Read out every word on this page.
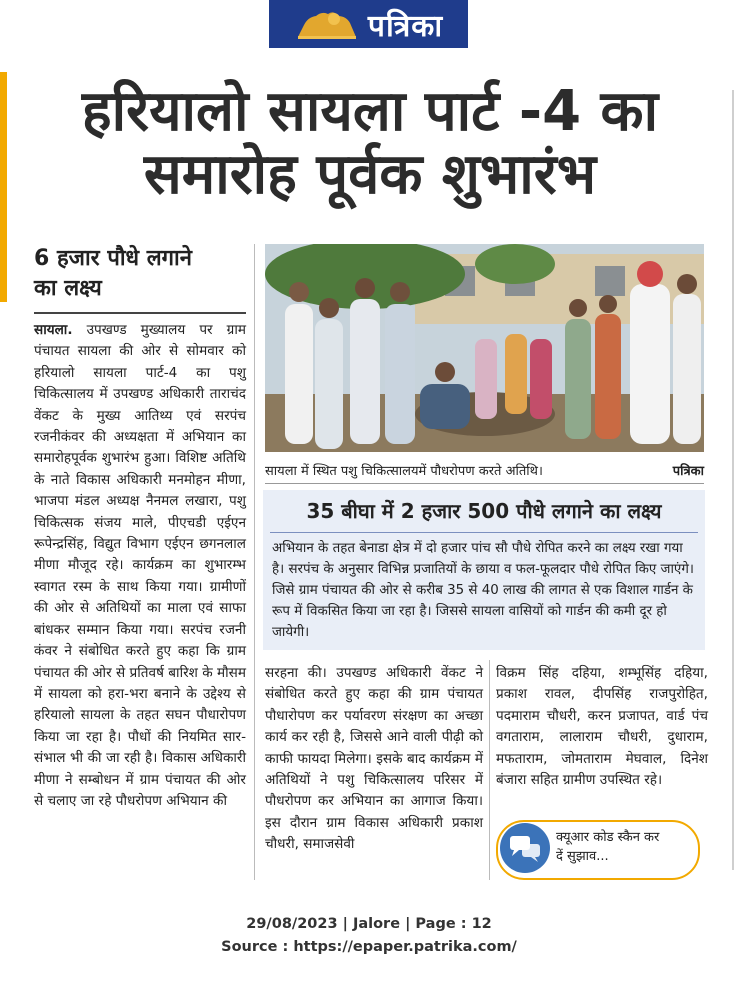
पत्रिका
हरियालो सायला पार्ट -4 का
समारोह पूर्वक शुभारंभ
6 हजार पौधे लगाने
का लक्ष्य
सायला. उपखण्ड मुख्यालय पर ग्राम पंचायत सायला की ओर से सोमवार को हरियालो सायला पार्ट-4 का पशु चिकित्सालय में उपखण्ड अधिकारी ताराचंद वेंकट के मुख्य आतिथ्य एवं सरपंच रजनीकंवर की अध्यक्षता में अभियान का समारोहपूर्वक शुभारंभ हुआ। विशिष्ट अतिथि के नाते विकास अधिकारी मनमोहन मीणा, भाजपा मंडल अध्यक्ष नैनमल लखारा, पशु चिकित्सक संजय माले, पीएचडी एईएन रूपेन्द्रसिंह, विद्युत विभाग एईएन छगनलाल मीणा मौजूद रहे। कार्यक्रम का शुभारम्भ स्वागत रस्म के साथ किया गया। ग्रामीणों की ओर से अतिथियों का माला एवं साफा बांधकर सम्मान किया गया। सरपंच रजनी कंवर ने संबोधित करते हुए कहा कि ग्राम पंचायत की ओर से प्रतिवर्ष बारिश के मौसम में सायला को हरा-भरा बनाने के उद्देश्य से हरियालो सायला के तहत सघन पौधारोपण किया जा रहा है। पौधों की नियमित सार-संभाल भी की जा रही है। विकास अधिकारी मीणा ने सम्बोधन में ग्राम पंचायत की ओर से चलाए जा रहे पौधरोपण अभियान की
सायला में स्थित पशु चिकित्सालयमें पौधरोपण करते अतिथि।	पत्रिका
35 बीघा में 2 हजार 500 पौधे लगाने का लक्ष्य
अभियान के तहत बेनाडा क्षेत्र में दो हजार पांच सौ पौधे रोपित करने का लक्ष्य रखा गया है। सरपंच के अनुसार विभिन्न प्रजातियों के छाया व फल-फूलदार पौधे रोपित किए जाएंगे। जिसे ग्राम पंचायत की ओर से करीब 35 से 40 लाख की लागत से एक विशाल गार्डन के रूप में विकसित किया जा रहा है। जिससे सायला वासियों को गार्डन की कमी दूर हो जायेगी।
सरहना की। उपखण्ड अधिकारी वेंकट ने संबोधित करते हुए कहा की ग्राम पंचायत पौधारोपण कर पर्यावरण संरक्षण का अच्छा कार्य कर रही है, जिससे आने वाली पीढ़ी को काफी फायदा मिलेगा। इसके बाद कार्यक्रम में अतिथियों ने पशु चिकित्सालय परिसर में पौधरोपण कर अभियान का आगाज किया। इस दौरान ग्राम विकास अधिकारी प्रकाश चौधरी, समाजसेवी
विक्रम सिंह दहिया, शम्भूसिंह दहिया, प्रकाश रावल, दीपसिंह राजपुरोहित, पदमाराम चौधरी, करन प्रजापत, वार्ड पंच वगताराम, लालाराम चौधरी, दुधाराम, मफताराम, जोमताराम मेघवाल, दिनेश बंजारा सहित ग्रामीण उपस्थित रहे।
क्यूआर कोड स्कैन कर
दें सुझाव...
29/08/2023 | Jalore | Page : 12
Source : https://epaper.patrika.com/
